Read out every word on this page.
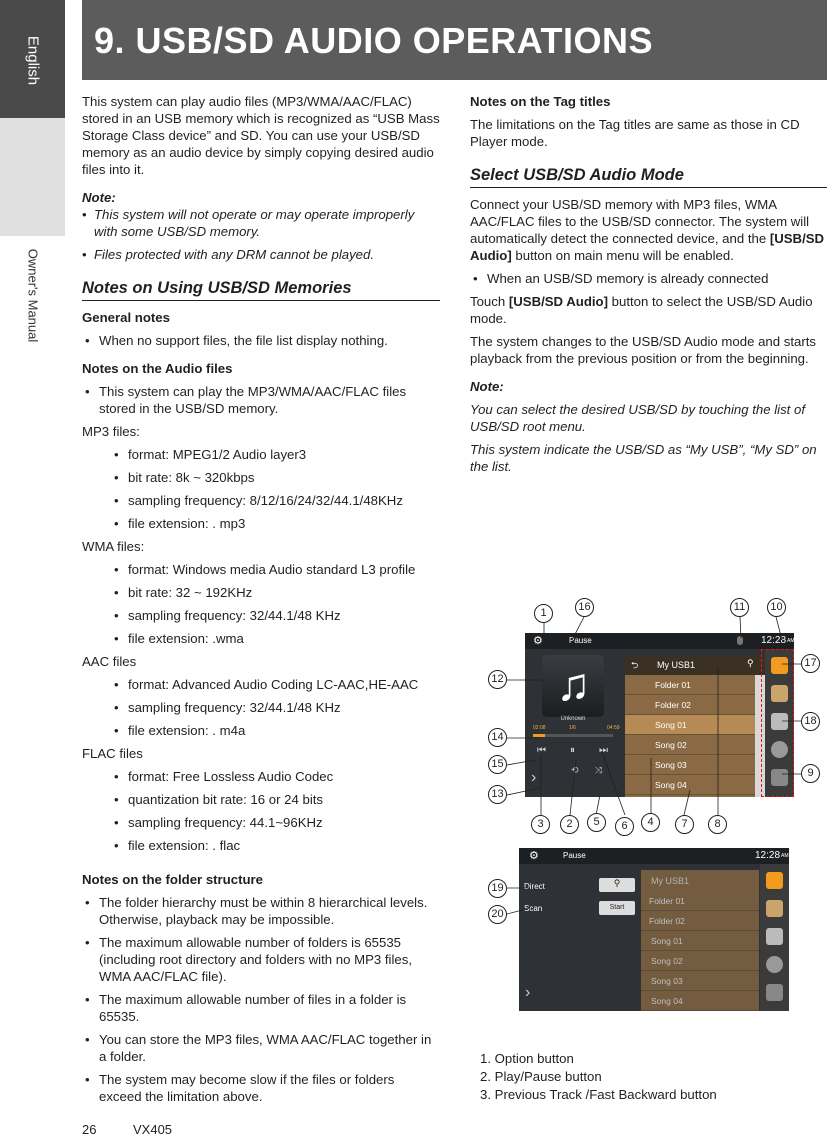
English
Owner's Manual
9. USB/SD AUDIO OPERATIONS

This system can play audio files (MP3/WMA/AAC/FLAC) stored in an USB memory which is recognized as “USB Mass Storage Class device” and SD. You can use your USB/SD memory as an audio device by simply copying desired audio files into it.

Note:

• This system will not operate or may operate improperly with some USB/SD memory.

• Files protected with any DRM cannot be played.

Notes on Using USB/SD Memories

General notes

• When no support files, the file list display nothing.

Notes on the Audio files

• This system can play the MP3/WMA/AAC/FLAC files stored in the USB/SD memory.

MP3 files:

• format: MPEG1/2 Audio layer3

• bit rate: 8k ~ 320kbps

• sampling frequency: 8/12/16/24/32/44.1/48KHz

• file extension: . mp3

WMA files:

• format: Windows media Audio standard L3 profile

• bit rate: 32 ~ 192KHz

• sampling frequency: 32/44.1/48 KHz

• file extension: .wma

AAC files

• format: Advanced Audio Coding LC-AAC,HE-AAC

• sampling frequency: 32/44.1/48 KHz

• file extension: . m4a

FLAC files

• format: Free Lossless Audio Codec

• quantization bit rate: 16 or 24 bits

• sampling frequency: 44.1~96KHz

• file extension: . flac

Notes on the folder structure

• The folder hierarchy must be within 8 hierarchical levels. Otherwise, playback may be impossible.

• The maximum allowable number of folders is 65535 (including root directory and folders with no MP3 files, WMA AAC/FLAC file).

• The maximum allowable number of files in a folder is 65535.

• You can store the MP3 files, WMA AAC/FLAC together in a folder.

• The system may become slow if the files or folders exceed the limitation above.

Notes on the Tag titles

The limitations on the Tag titles are same as those in CD Player mode.

Select USB/SD Audio Mode

Connect your USB/SD memory with MP3 files, WMA AAC/FLAC files to the USB/SD connector. The system will automatically detect the connected device, and the [USB/SD Audio] button on main menu will be enabled.

• When an USB/SD memory is already connected

Touch [USB/SD Audio] button to select the USB/SD Audio mode.

The system changes to the USB/SD Audio mode and starts playback from the previous position or from the beginning.

Note:

You can select the desired USB/SD by touching the list of USB/SD root menu.

This system indicate the USB/SD as “My USB”, “My SD” on the list.

⚙	Pause	12:28 AM
♫
Unknown
02:08	1/6	04:59
⏮ ⏸ ⏭
⟲ ⤨
›
⮌ My USB1	⚲
Folder 01
Folder 02
Song 01
Song 02
Song 03
Song 04
⚙	Pause	12:28 AM
Direct	⚲
Scan	Start
›
My USB1
Folder 01
Folder 02
Song 01
Song 02
Song 03
Song 04
1	16	11	10
17
12
18
14
15
9
13
3	2	5	6	4	7	8
19
20

1. Option button

2. Play/Pause button

3. Previous Track /Fast Backward button

26	VX405
